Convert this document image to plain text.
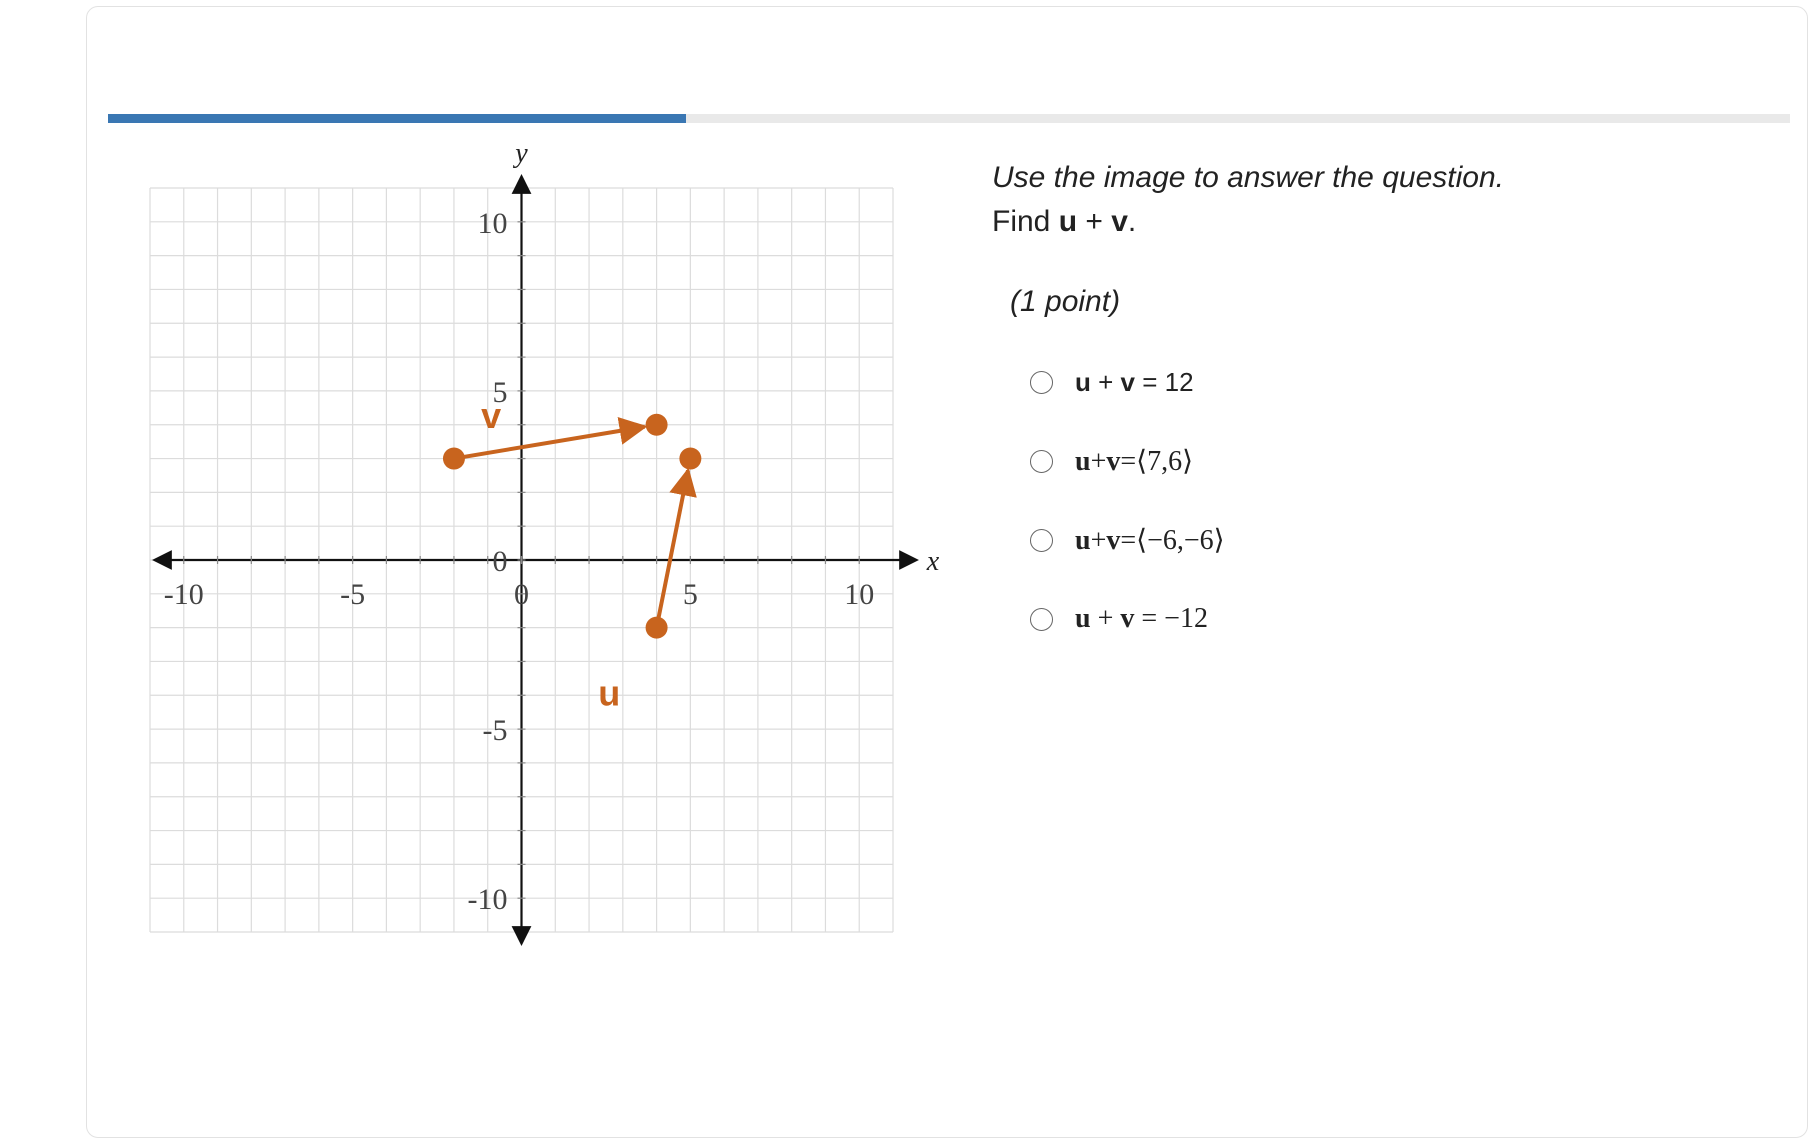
-10	-5	0	5	10
10
5
0
-5
-10
x
y
v
u

Use the image to answer the question.

Find u + v.

(1 point)

u + v = 12
u+v=⟨7,6⟩
u+v=⟨−6,−6⟩
u + v = −12
